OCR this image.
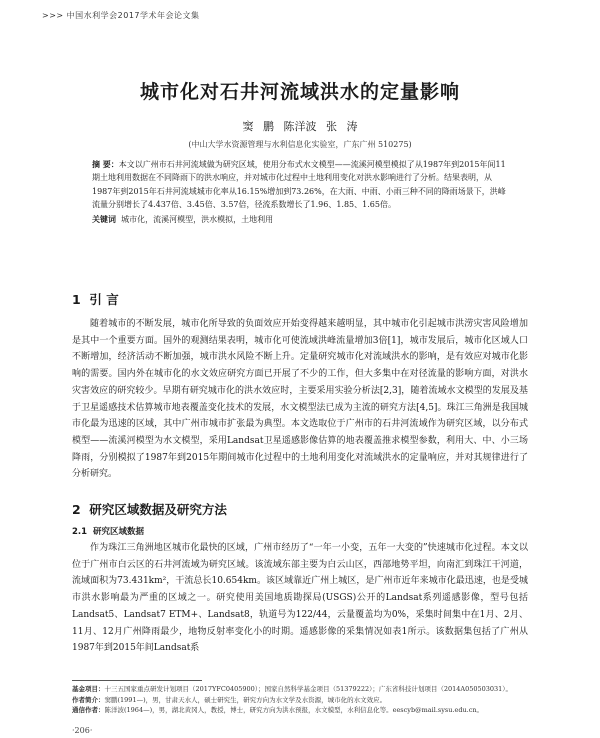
>>> 中国水利学会2017学术年会论文集
城市化对石井河流域洪水的定量影响
窦 鹏 陈洋波 张 涛
(中山大学水资源管理与水利信息化实验室，广东广州 510275)
摘 要：本文以广州市石井河流域做为研究区域，使用分布式水文模型——流溪河模型模拟了从1987年到2015年间11期土地利用数据在不同降雨下的洪水响应，并对城市化过程中土地利用变化对洪水影响进行了分析。结果表明，从1987年到2015年石井河流域城市化率从16.15%增加到73.26%，在大雨、中雨、小雨三种不同的降雨场景下，洪峰流量分别增长了4.437倍、3.45倍、3.57倍，径流系数增长了1.96、1.85、1.65倍。
关键词 城市化，流溪河模型，洪水模拟，土地利用
1 引 言
随着城市的不断发展，城市化所导致的负面效应开始变得越来越明显，其中城市化引起城市洪涝灾害风险增加是其中一个重要方面。国外的观测结果表明，城市化可使流域洪峰流量增加3倍[1]，城市发展后，城市化区域人口不断增加，经济活动不断加强，城市洪水风险不断上升。定量研究城市化对流域洪水的影响，是有效应对城市化影响的需要。国内外在城市化的水文效应研究方面已开展了不少的工作，但大多集中在对径流量的影响方面，对洪水灾害效应的研究较少。早期有研究城市化的洪水效应时，主要采用实验分析法[2,3]，随着流域水文模型的发展及基于卫星遥感技术估算城市地表覆盖变化技术的发展，水文模型法已成为主流的研究方法[4,5]。珠江三角洲是我国城市化最为迅速的区域，其中广州市城市扩张最为典型。本文选取位于广州市的石井河流域作为研究区域，以分布式模型——流溪河模型为水文模型，采用Landsat卫星遥感影像估算的地表覆盖推求模型参数，利用大、中、小三场降雨，分别模拟了1987年到2015年期间城市化过程中的土地利用变化对流域洪水的定量响应，并对其规律进行了分析研究。
2 研究区域数据及研究方法
2.1 研究区域数据
作为珠江三角洲地区城市化最快的区域，广州市经历了“一年一小变，五年一大变的”快速城市化过程。本文以位于广州市白云区的石井河流域为研究区域。该流域东部主要为白云山区，西部地势平坦，向南汇到珠江干河道，流域面积为73.431km²，干流总长10.654km。该区域靠近广州上城区，是广州市近年来城市化最迅速，也是受城市洪水影响最为严重的区域之一。研究使用美国地质勘探局(USGS)公开的Landsat系列遥感影像，型号包括Landsat5、Landsat7 ETM+、Landsat8，轨道号为122/44，云量覆盖均为0%，采集时间集中在1月、2月、11月、12月广州降雨最少，地物反射率变化小的时期。遥感影像的采集情况如表1所示。该数据集包括了广州从1987年到2015年间Landsat系
基金项目：十三五国家重点研发计划项目（2017YFC0405900）；国家自然科学基金项目（51379222）；广东省科技计划项目（2014A050503031）。
作者简介：窦鹏(1991—)，男，甘肃天水人，硕士研究生，研究方向为水文学及水资源，城市化的水文效应。
通信作者：陈洋波(1964—)，男，湖北黄冈人，教授，博士，研究方向为洪水预报，水文模型，水利信息化等。eescyb@mail.sysu.edu.cn。
·206·
